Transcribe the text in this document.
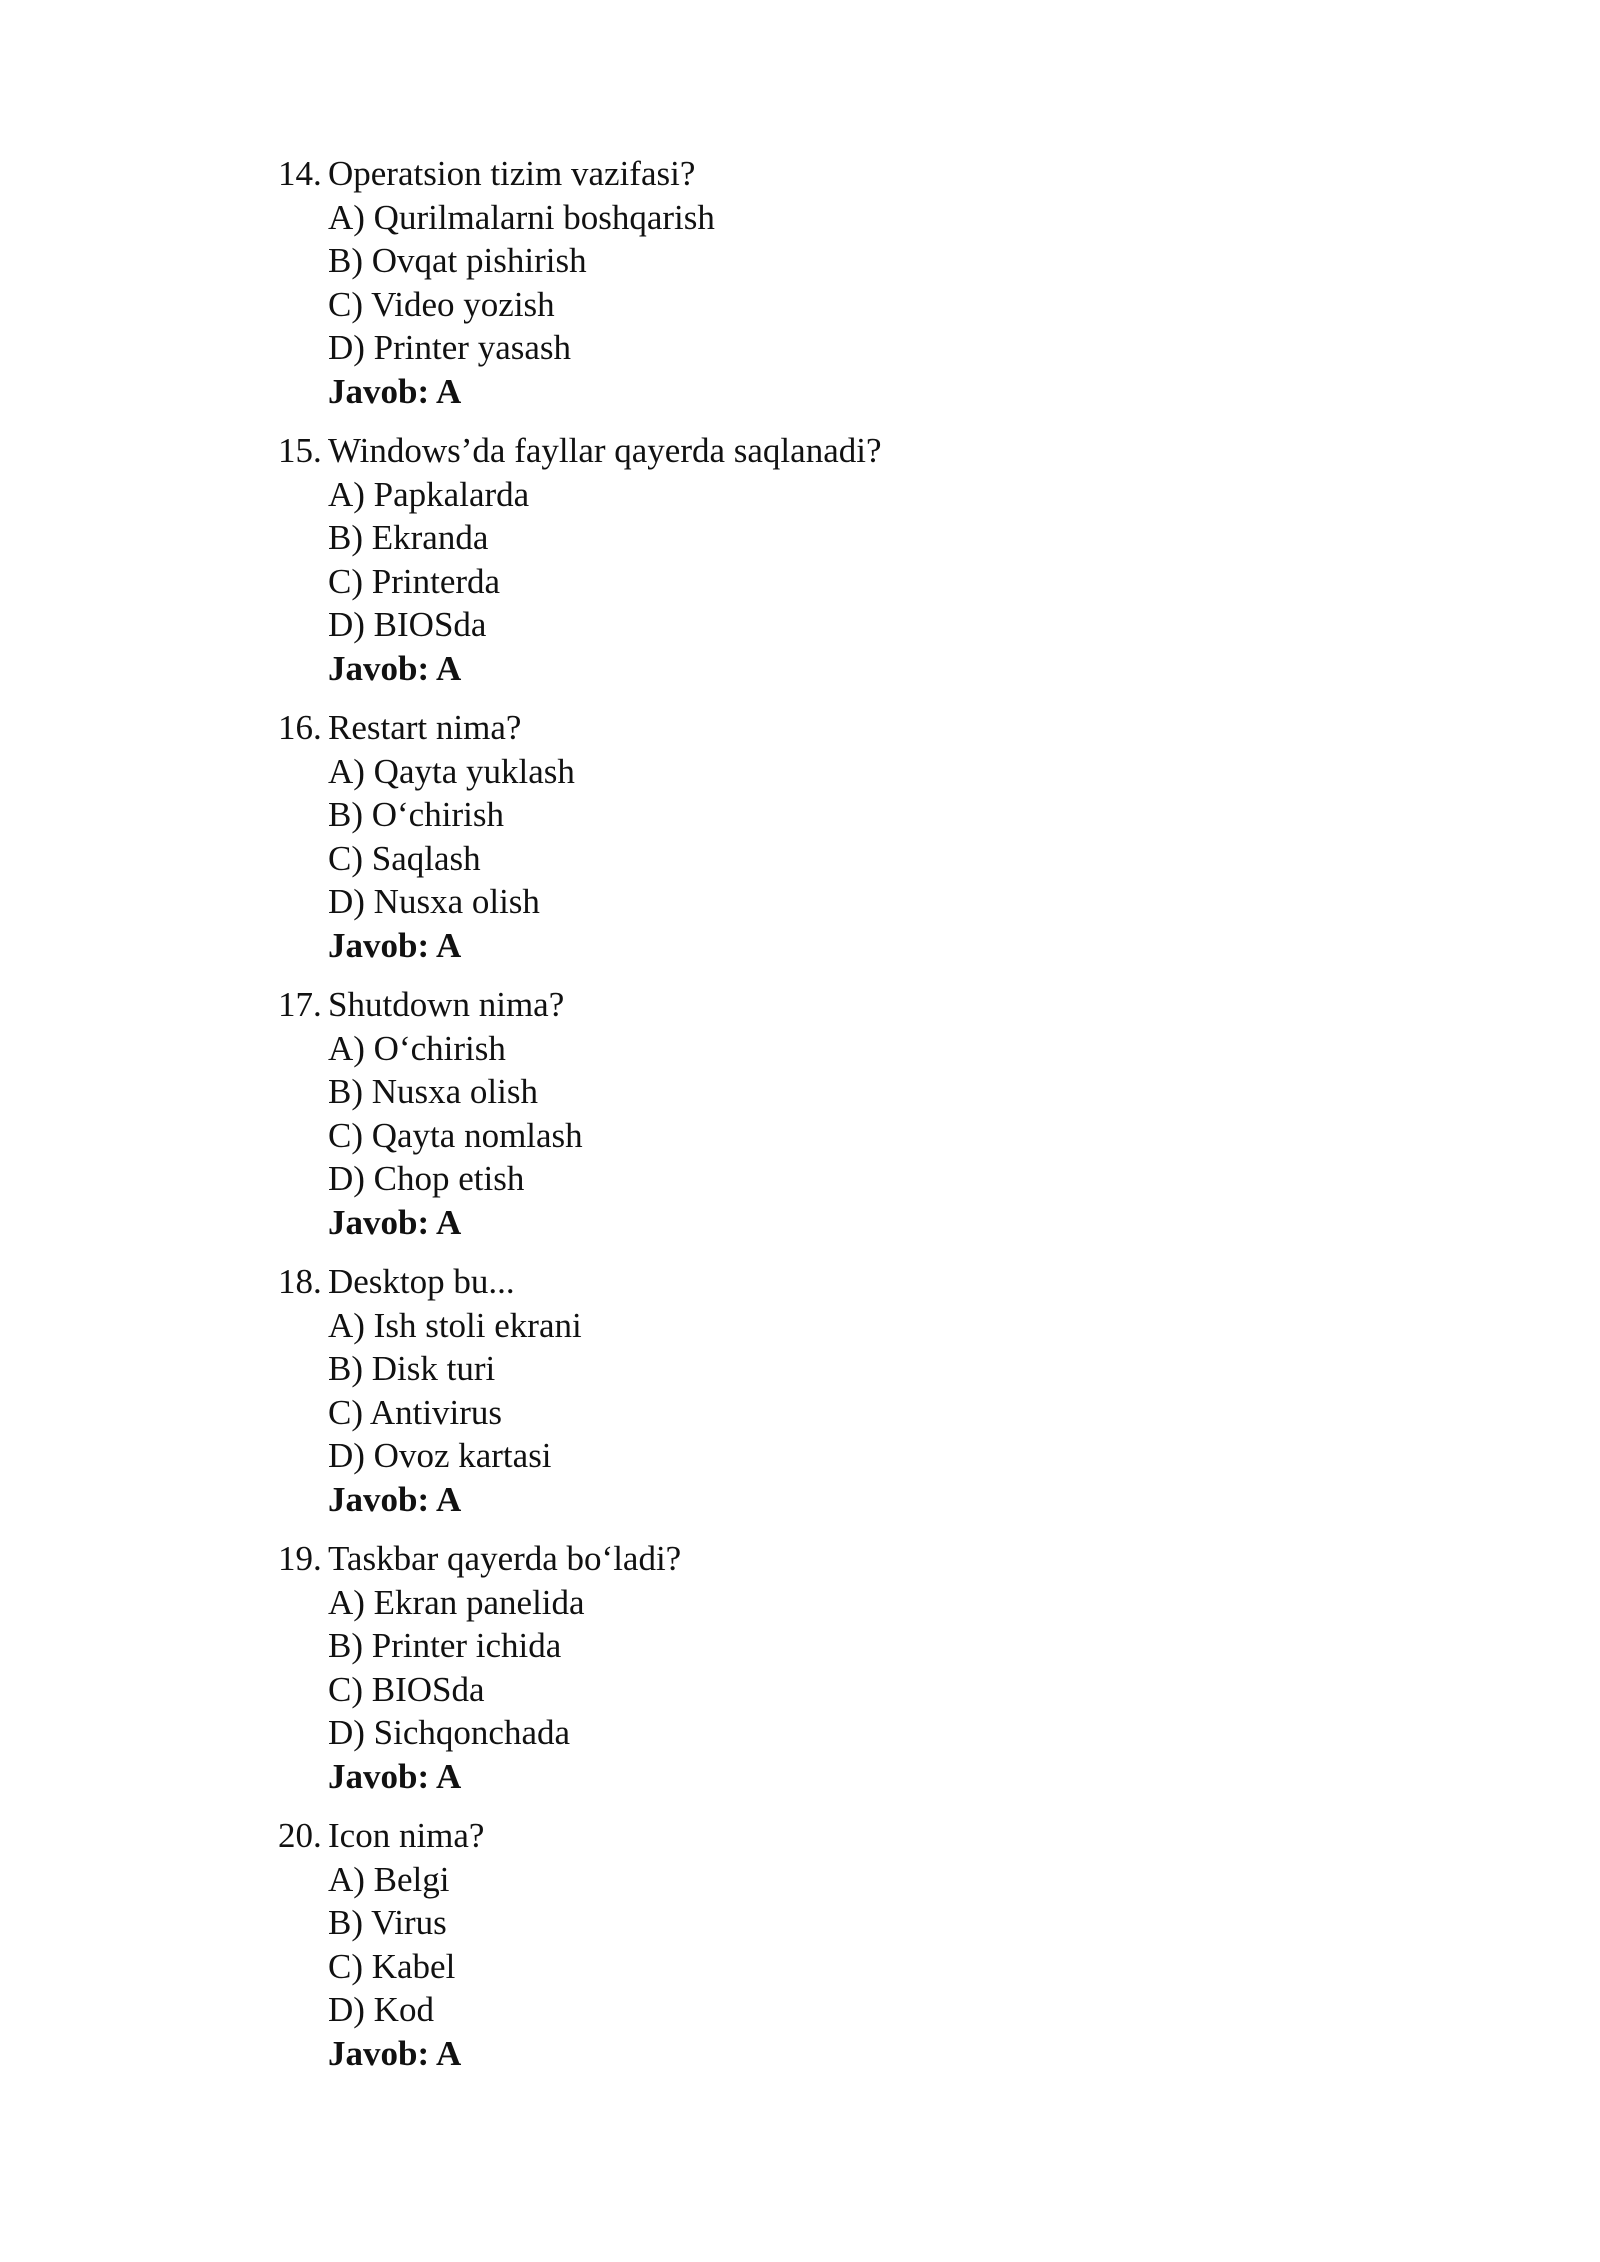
14. Operatsion tizim vazifasi?
A) Qurilmalarni boshqarish
B) Ovqat pishirish
C) Video yozish
D) Printer yasash
Javob: A
15. Windows’da fayllar qayerda saqlanadi?
A) Papkalarda
B) Ekranda
C) Printerda
D) BIOSda
Javob: A
16. Restart nima?
A) Qayta yuklash
B) O‘chirish
C) Saqlash
D) Nusxa olish
Javob: A
17. Shutdown nima?
A) O‘chirish
B) Nusxa olish
C) Qayta nomlash
D) Chop etish
Javob: A
18. Desktop bu...
A) Ish stoli ekrani
B) Disk turi
C) Antivirus
D) Ovoz kartasi
Javob: A
19. Taskbar qayerda bo‘ladi?
A) Ekran panelida
B) Printer ichida
C) BIOSda
D) Sichqonchada
Javob: A
20. Icon nima?
A) Belgi
B) Virus
C) Kabel
D) Kod
Javob: A
